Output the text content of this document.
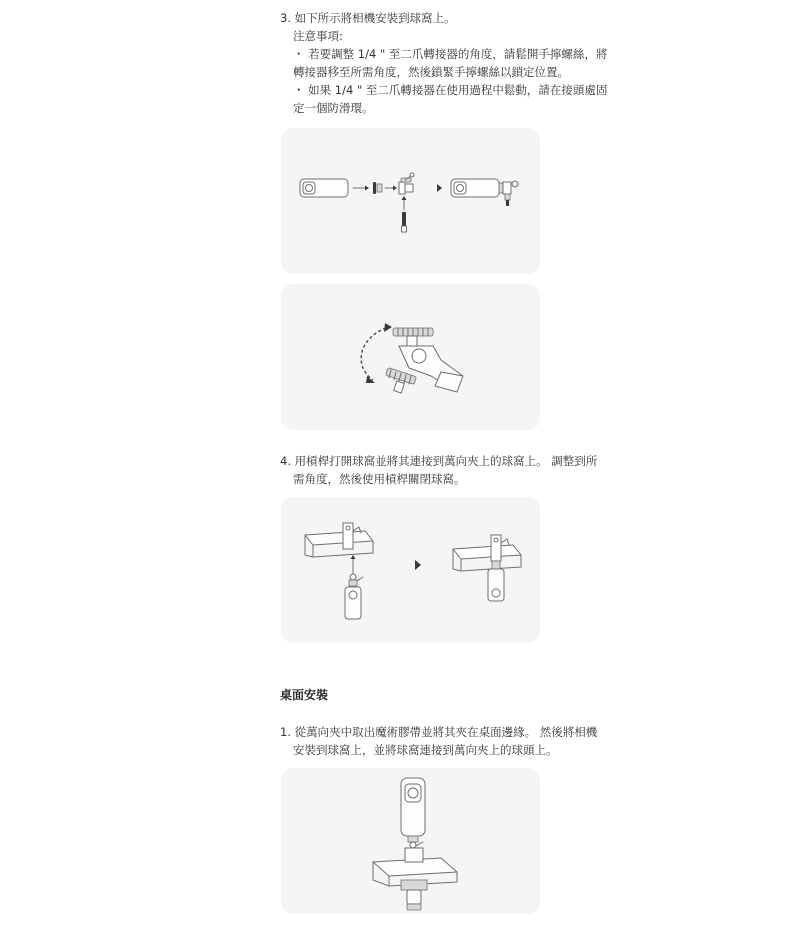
3. 如下所示將相機安裝到球窩上。

注意事項:

・ 若要調整 1/4 " 至二爪轉接器的角度，請鬆開手擰螺絲，將

轉接器移至所需角度，然後鎖緊手擰螺絲以鎖定位置。

・ 如果 1/4 " 至二爪轉接器在使用過程中鬆動，請在接頭處固

定一個防滑環。

4. 用槓桿打開球窩並將其連接到萬向夾上的球窩上。 調整到所

需角度，然後使用槓桿關閉球窩。

桌面安裝

1. 從萬向夾中取出魔術膠帶並將其夾在桌面邊緣。 然後將相機

安裝到球窩上，並將球窩連接到萬向夾上的球頭上。
